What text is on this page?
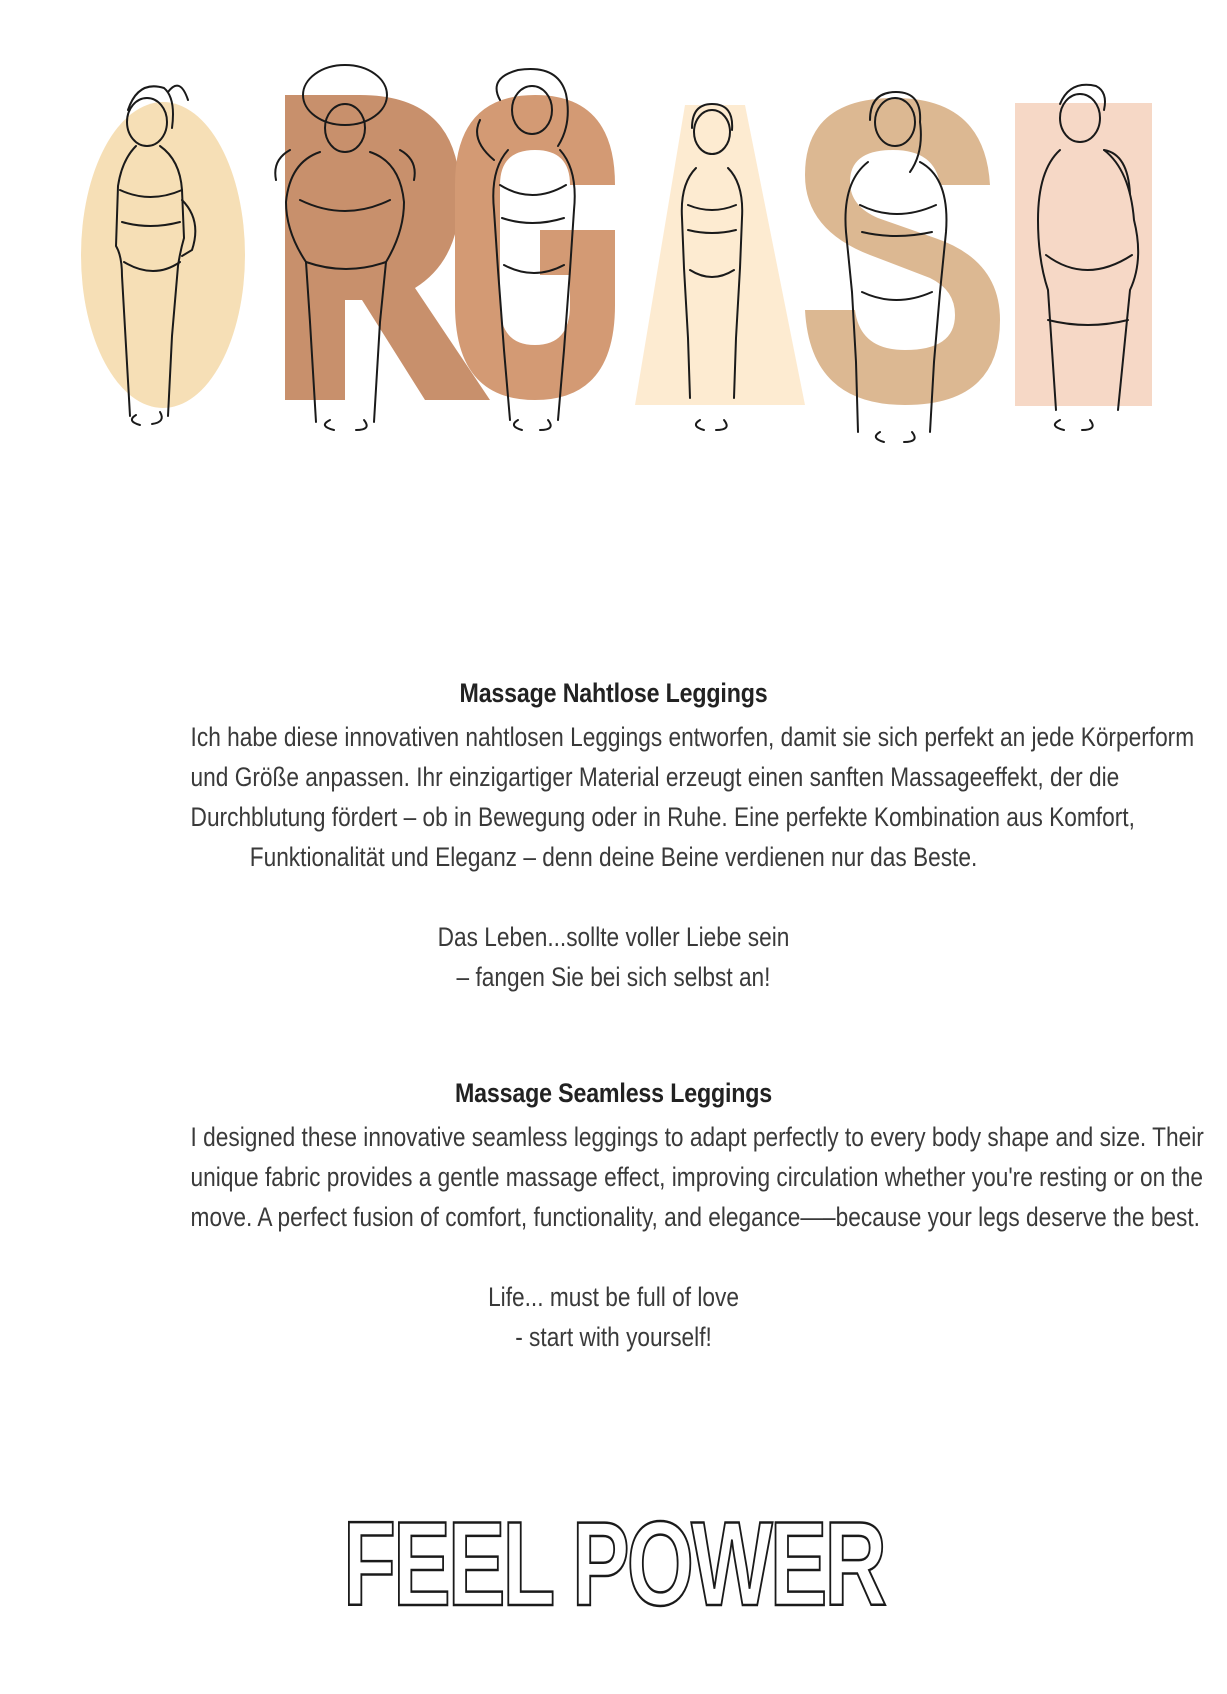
Massage Nahtlose Leggings

Ich habe diese innovativen nahtlosen Leggings entworfen, damit sie sich perfekt an jede Körperform

und Größe anpassen. Ihr einzigartiger Material erzeugt einen sanften Massageeffekt, der die

Durchblutung fördert – ob in Bewegung oder in Ruhe. Eine perfekte Kombination aus Komfort,

Funktionalität und Eleganz – denn deine Beine verdienen nur das Beste.

Das Leben...sollte voller Liebe sein

– fangen Sie bei sich selbst an!

Massage Seamless Leggings

I designed these innovative seamless leggings to adapt perfectly to every body shape and size. Their

unique fabric provides a gentle massage effect, improving circulation whether you're resting or on the

move. A perfect fusion of comfort, functionality, and elegance—–because your legs deserve the best.

Life... must be full of love

- start with yourself!

FEEL POWER
